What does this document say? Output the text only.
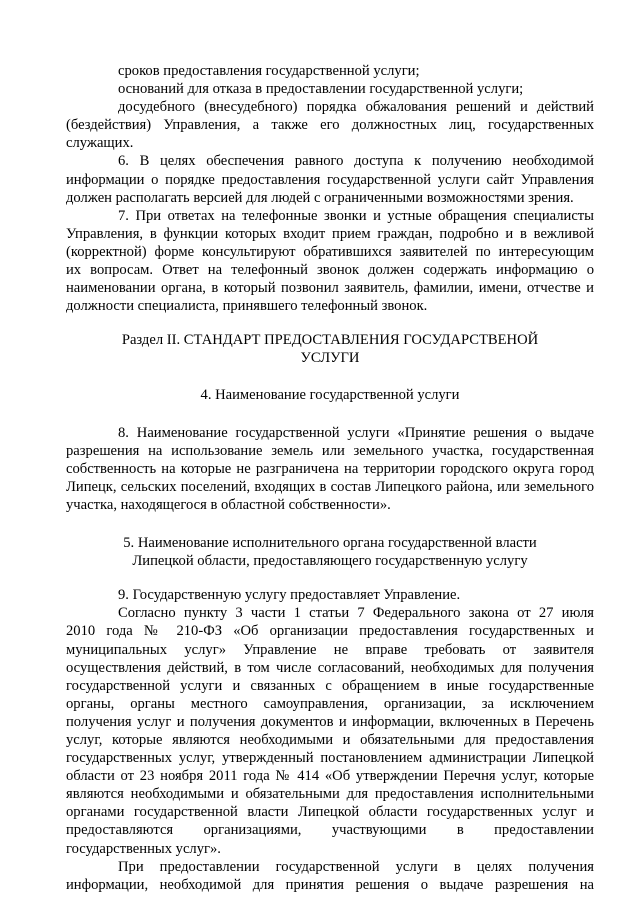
сроков предоставления государственной услуги;
оснований для отказа в предоставлении государственной услуги;
досудебного (внесудебного) порядка обжалования решений и действий
(бездействия) Управления, а также его должностных лиц, государственных
служащих.
6. В целях обеспечения равного доступа к получению необходимой
информации о порядке предоставления государственной услуги сайт Управления
должен располагать версией для людей с ограниченными возможностями зрения.
7. При ответах на телефонные звонки и устные обращения специалисты
Управления, в функции которых входит прием граждан, подробно и в вежливой
(корректной) форме консультируют обратившихся заявителей по интересующим
их вопросам. Ответ на телефонный звонок должен содержать информацию о
наименовании органа, в который позвонил заявитель, фамилии, имени, отчестве и
должности специалиста, принявшего телефонный звонок.
Раздел II. СТАНДАРТ ПРЕДОСТАВЛЕНИЯ ГОСУДАРСТВЕНОЙ
УСЛУГИ
4. Наименование государственной услуги
8. Наименование государственной услуги «Принятие решения о выдаче
разрешения на использование земель или земельного участка, государственная
собственность на которые не разграничена на территории городского округа город
Липецк, сельских поселений, входящих в состав Липецкого района, или земельного
участка, находящегося в областной собственности».
5. Наименование исполнительного органа государственной власти
Липецкой области, предоставляющего государственную услугу
9. Государственную услугу предоставляет Управление.
Согласно пункту 3 части 1 статьи 7 Федерального закона от 27 июля
2010 года № 210-ФЗ «Об организации предоставления государственных и
муниципальных услуг» Управление не вправе требовать от заявителя
осуществления действий, в том числе согласований, необходимых для получения
государственной услуги и связанных с обращением в иные государственные
органы, органы местного самоуправления, организации, за исключением
получения услуг и получения документов и информации, включенных в Перечень
услуг, которые являются необходимыми и обязательными для предоставления
государственных услуг, утвержденный постановлением администрации Липецкой
области от 23 ноября 2011 года № 414 «Об утверждении Перечня услуг, которые
являются необходимыми и обязательными для предоставления исполнительными
органами государственной власти Липецкой области государственных услуг и
предоставляются организациями, участвующими в предоставлении
государственных услуг».
При предоставлении государственной услуги в целях получения
информации, необходимой для принятия решения о выдаче разрешения на
